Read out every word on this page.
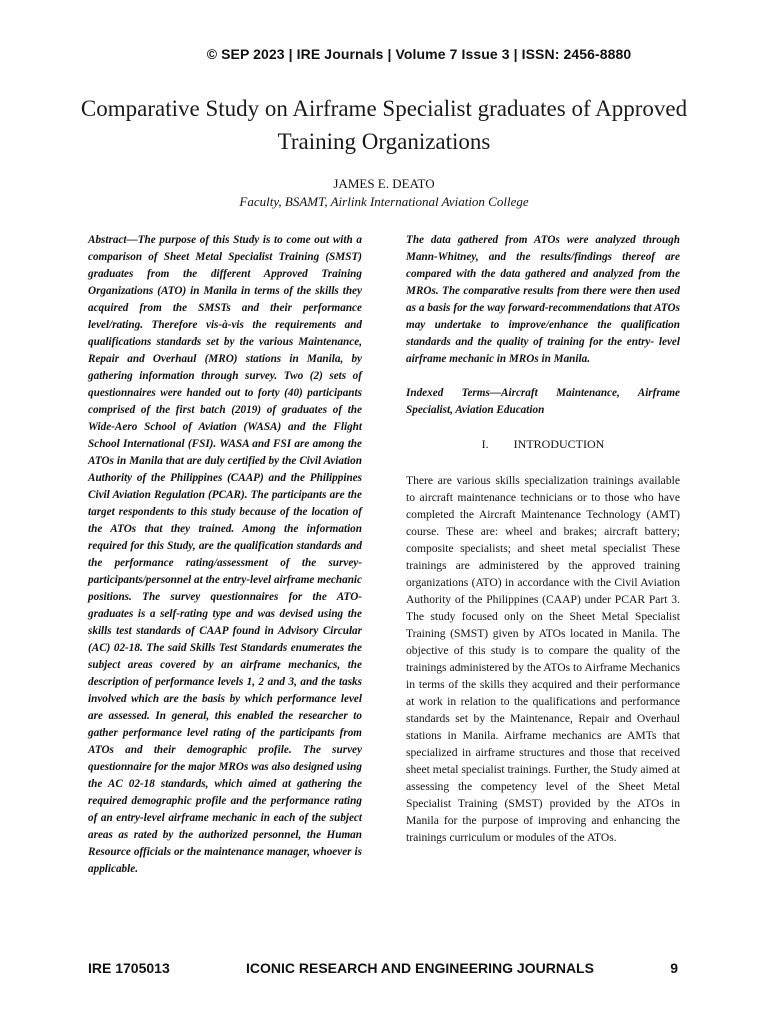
© SEP 2023 | IRE Journals | Volume 7 Issue 3 | ISSN: 2456-8880
Comparative Study on Airframe Specialist graduates of Approved Training Organizations
JAMES E. DEATO
Faculty, BSAMT, Airlink International Aviation College

Abstract—The purpose of this Study is to come out with a comparison of Sheet Metal Specialist Training (SMST) graduates from the different Approved Training Organizations (ATO) in Manila in terms of the skills they acquired from the SMSTs and their performance level/rating. Therefore vis-à-vis the requirements and qualifications standards set by the various Maintenance, Repair and Overhaul (MRO) stations in Manila, by gathering information through survey. Two (2) sets of questionnaires were handed out to forty (40) participants comprised of the first batch (2019) of graduates of the Wide-Aero School of Aviation (WASA) and the Flight School International (FSI). WASA and FSI are among the ATOs in Manila that are duly certified by the Civil Aviation Authority of the Philippines (CAAP) and the Philippines Civil Aviation Regulation (PCAR). The participants are the target respondents to this study because of the location of the ATOs that they trained. Among the information required for this Study, are the qualification standards and the performance rating/assessment of the survey-participants/personnel at the entry-level airframe mechanic positions. The survey questionnaires for the ATO-graduates is a self-rating type and was devised using the skills test standards of CAAP found in Advisory Circular (AC) 02-18. The said Skills Test Standards enumerates the subject areas covered by an airframe mechanics, the description of performance levels 1, 2 and 3, and the tasks involved which are the basis by which performance level are assessed. In general, this enabled the researcher to gather performance level rating of the participants from ATOs and their demographic profile. The survey questionnaire for the major MROs was also designed using the AC 02-18 standards, which aimed at gathering the required demographic profile and the performance rating of an entry-level airframe mechanic in each of the subject areas as rated by the authorized personnel, the Human Resource officials or the maintenance manager, whoever is applicable.

The data gathered from ATOs were analyzed through Mann-Whitney, and the results/findings thereof are compared with the data gathered and analyzed from the MROs. The comparative results from there were then used as a basis for the way forward-recommendations that ATOs may undertake to improve/enhance the qualification standards and the quality of training for the entry- level airframe mechanic in MROs in Manila.

Indexed Terms—Aircraft Maintenance, Airframe Specialist, Aviation Education

I. INTRODUCTION

There are various skills specialization trainings available to aircraft maintenance technicians or to those who have completed the Aircraft Maintenance Technology (AMT) course. These are: wheel and brakes; aircraft battery; composite specialists; and sheet metal specialist These trainings are administered by the approved training organizations (ATO) in accordance with the Civil Aviation Authority of the Philippines (CAAP) under PCAR Part 3. The study focused only on the Sheet Metal Specialist Training (SMST) given by ATOs located in Manila. The objective of this study is to compare the quality of the trainings administered by the ATOs to Airframe Mechanics in terms of the skills they acquired and their performance at work in relation to the qualifications and performance standards set by the Maintenance, Repair and Overhaul stations in Manila. Airframe mechanics are AMTs that specialized in airframe structures and those that received sheet metal specialist trainings. Further, the Study aimed at assessing the competency level of the Sheet Metal Specialist Training (SMST) provided by the ATOs in Manila for the purpose of improving and enhancing the trainings curriculum or modules of the ATOs.

IRE 1705013	ICONIC RESEARCH AND ENGINEERING JOURNALS	9
